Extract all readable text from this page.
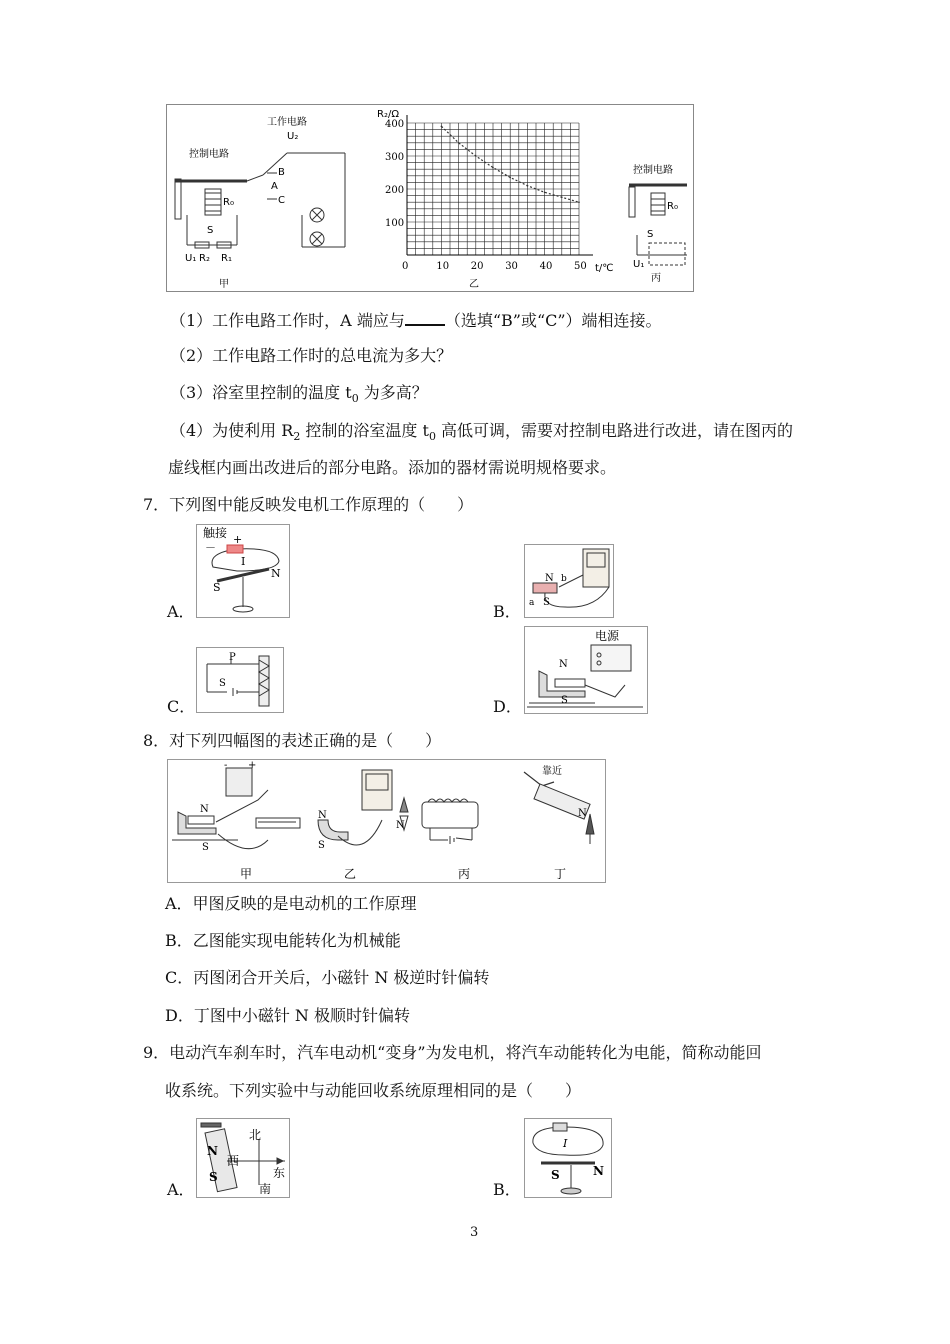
工作电路
U₂
控制电路
B
A
C
R₀
S
U₁ R₂ R₁
甲
0	10 20 30 40 50
100
200
300
400
R₂/Ω
t/℃
乙
控制电路
R₀
S
U₁
丙
（1）工作电路工作时，A 端应与	（选填“B”或“C”）端相连接。
（2）工作电路工作时的总电流为多大？
（3）浴室里控制的温度 $t_0$ 为多高？
（4）为使利用 $R_2$ 控制的浴室温度 $t_0$ 高低可调，需要对控制电路进行改进，请在图丙的
虚线框内画出改进后的部分电路。添加的器材需说明规格要求。
7．下列图中能反映发电机工作原理的（　　）
A．
触接
－
+
I
N
S
B．
N
S
a
b
C．
P
S
D．
电源
N
S
8．对下列四幅图的表述正确的是（　　）
N
S
+
-
N
S
N
靠近
N
甲	乙	丙	丁
A．甲图反映的是电动机的工作原理
B．乙图能实现电能转化为机械能
C．丙图闭合开关后，小磁针 N 极逆时针偏转
D．丁图中小磁针 N 极顺时针偏转
9．电动汽车刹车时，汽车电动机“变身”为发电机，将汽车动能转化为电能，简称动能回
收系统。下列实验中与动能回收系统原理相同的是（　　）
A．
N
S
北
西
东
南	B．
I
S	N
3
